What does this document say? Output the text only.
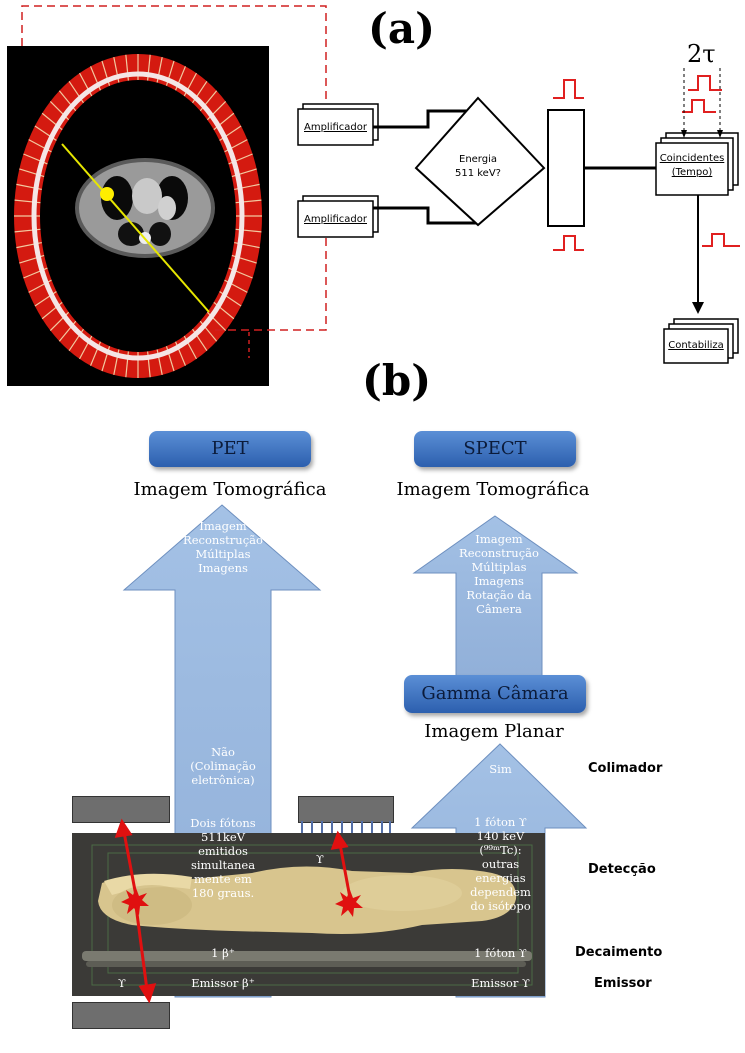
(a)
Amplificador
Amplificador
Energia
511 keV?
2τ
Coincidentes
(Tempo)
Contabiliza
(b)
PET
Imagem Tomográfica
Imagem
Reconstrução
Múltiplas
Imagens
SPECT
Imagem Tomográfica
Imagem
Reconstrução
Múltiplas
Imagens
Rotação da
Câmera
Gamma Câmara
Imagem Planar
Não
(Colimação
eletrônica)
Dois fótons
511keV
emitidos
simultanea
mente em
180 graus.
1 β⁺
Emissor β⁺
Sim
1 fóton ϒ
140 keV
(⁹⁹ᵐTc):
outras
energias
dependem
do isótopo
1 fóton ϒ
Emissor ϒ
ϒ
ϒ
Colimador
Detecção
Decaimento
Emissor
